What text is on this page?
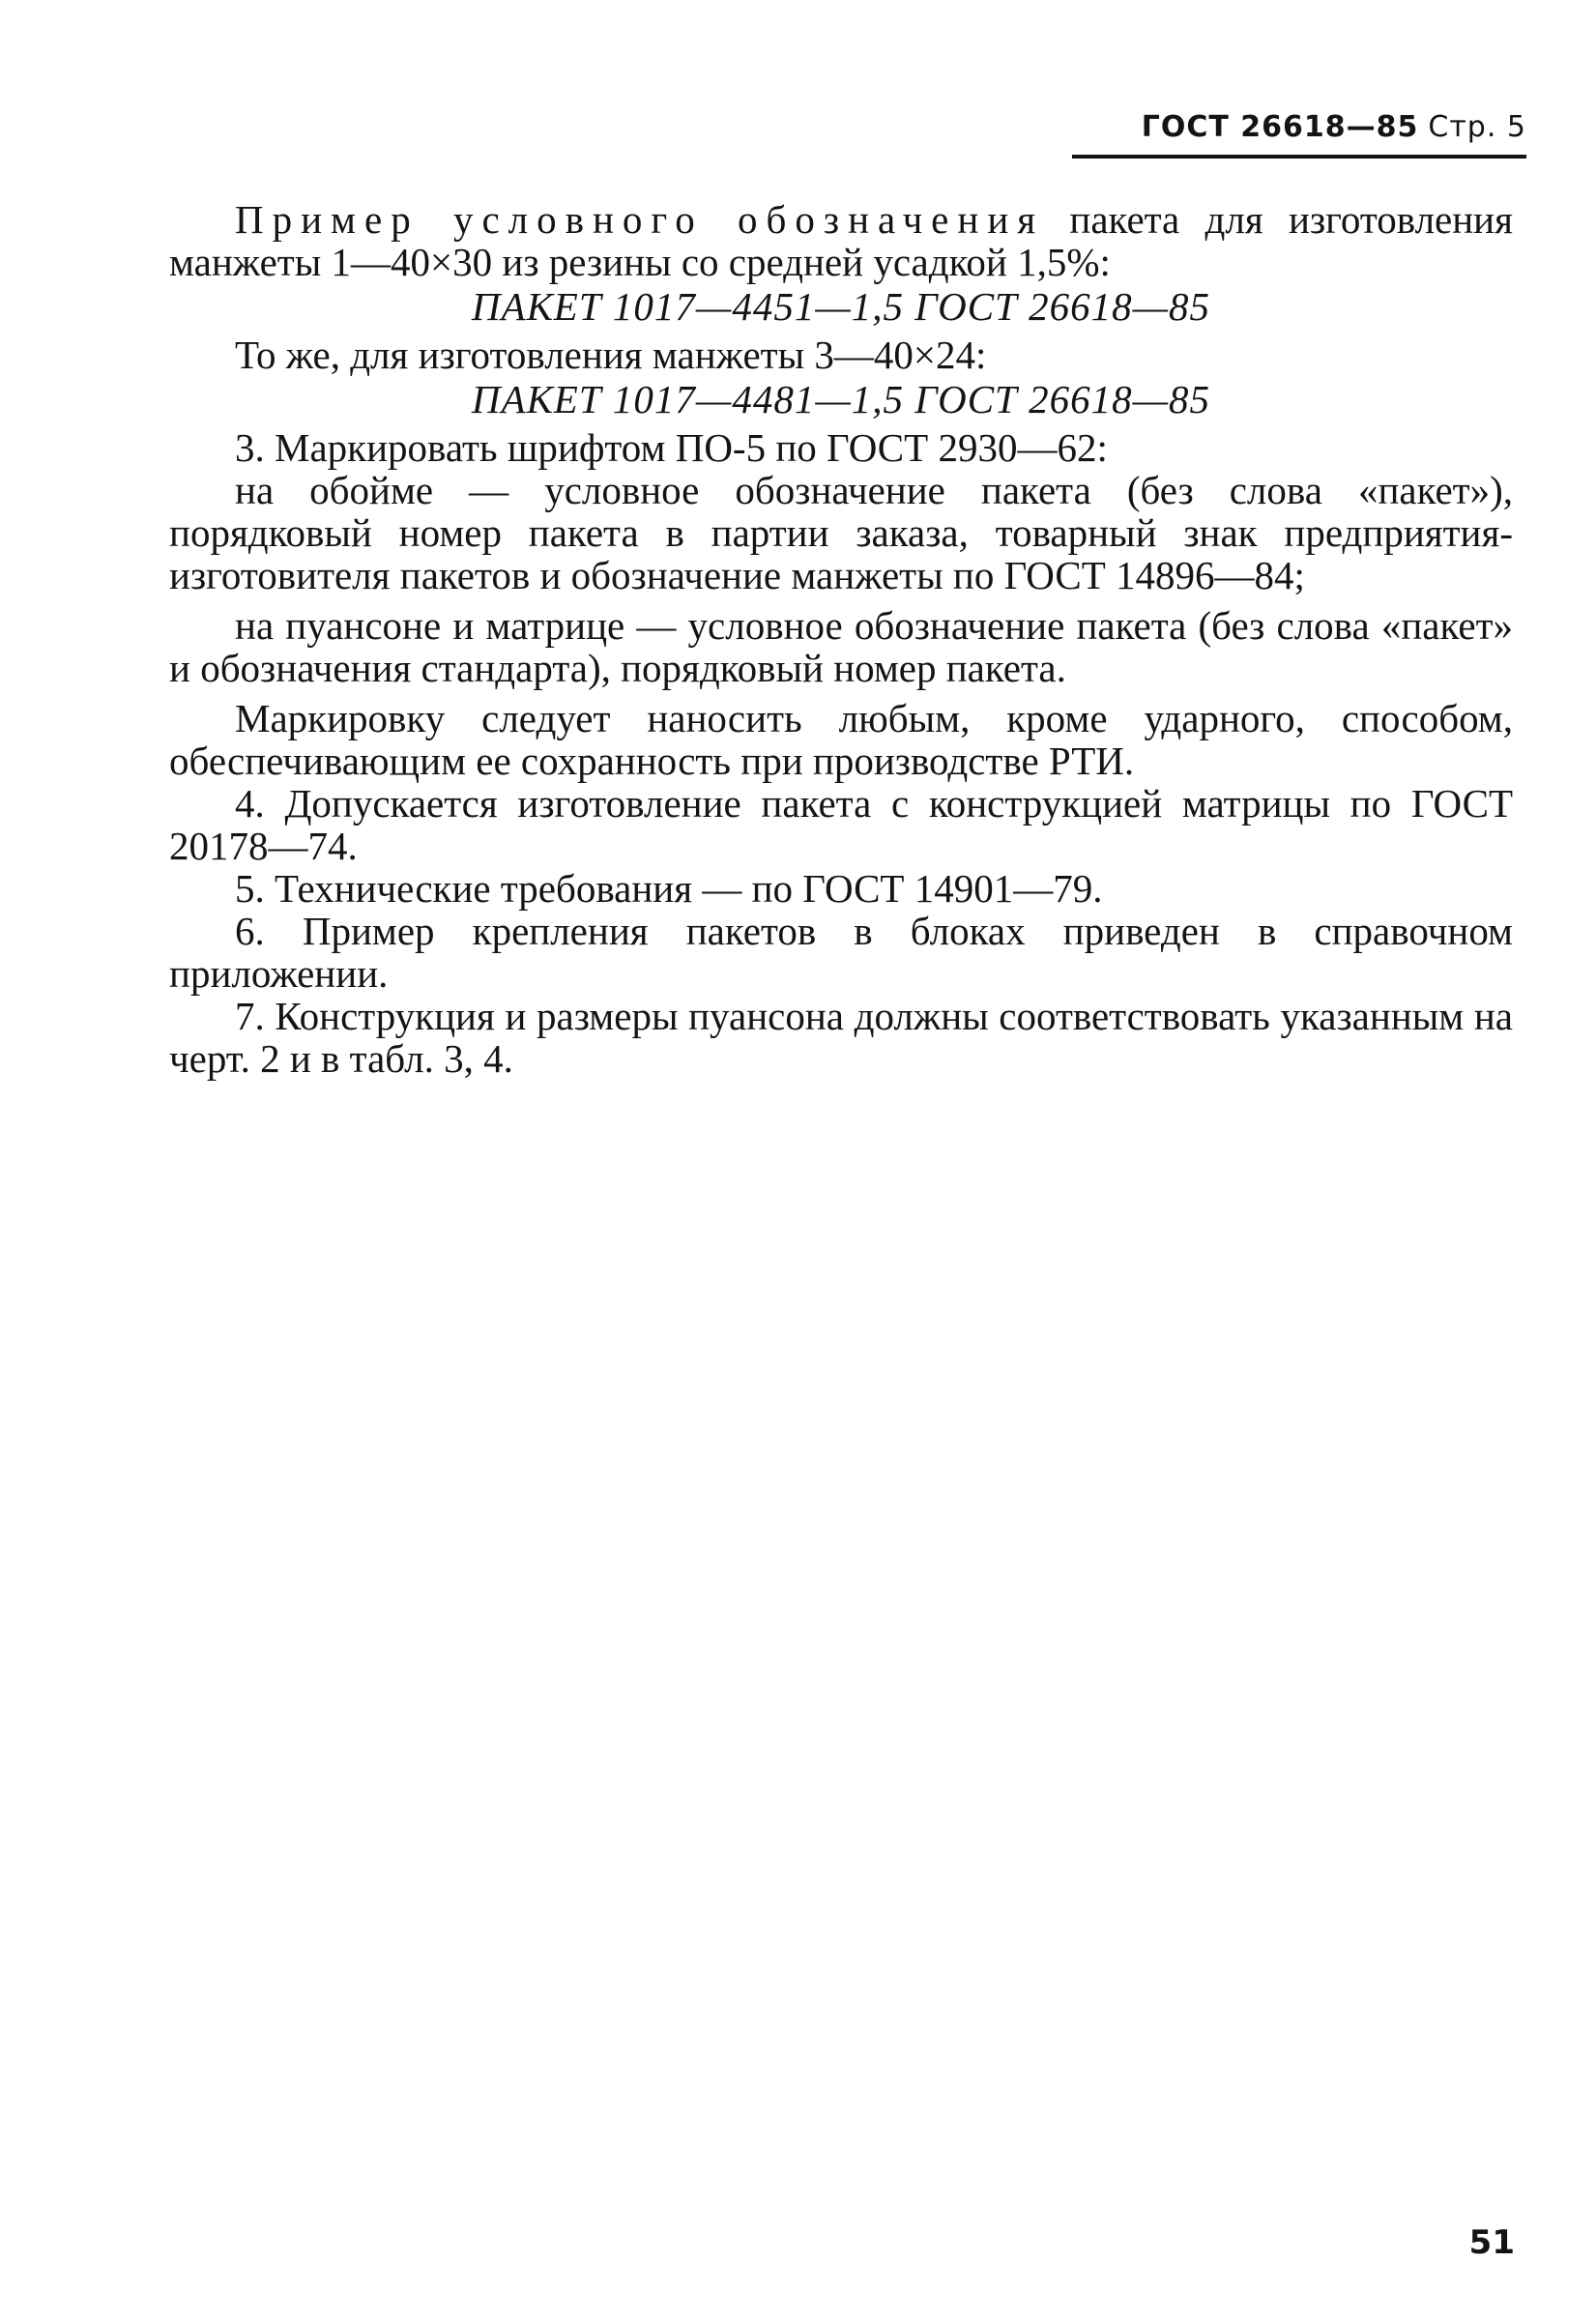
ГОСТ 26618—85 Стр. 5

Пример условного обозначения пакета для изготовления манжеты 1—40×30 из резины со средней усадкой 1,5%:

ПАКЕТ 1017—4451—1,5 ГОСТ 26618—85

То же, для изготовления манжеты 3—40×24:

ПАКЕТ 1017—4481—1,5 ГОСТ 26618—85

3. Маркировать шрифтом ПО-5 по ГОСТ 2930—62:

на обойме — условное обозначение пакета (без слова «пакет»), порядковый номер пакета в партии заказа, товарный знак предприятия-изготовителя пакетов и обозначение манжеты по ГОСТ 14896—84;

на пуансоне и матрице — условное обозначение пакета (без слова «пакет» и обозначения стандарта), порядковый номер пакета.

Маркировку следует наносить любым, кроме ударного, способом, обеспечивающим ее сохранность при производстве РТИ.

4. Допускается изготовление пакета с конструкцией матрицы по ГОСТ 20178—74.

5. Технические требования — по ГОСТ 14901—79.

6. Пример крепления пакетов в блоках приведен в справочном приложении.

7. Конструкция и размеры пуансона должны соответствовать указанным на черт. 2 и в табл. 3, 4.

51
